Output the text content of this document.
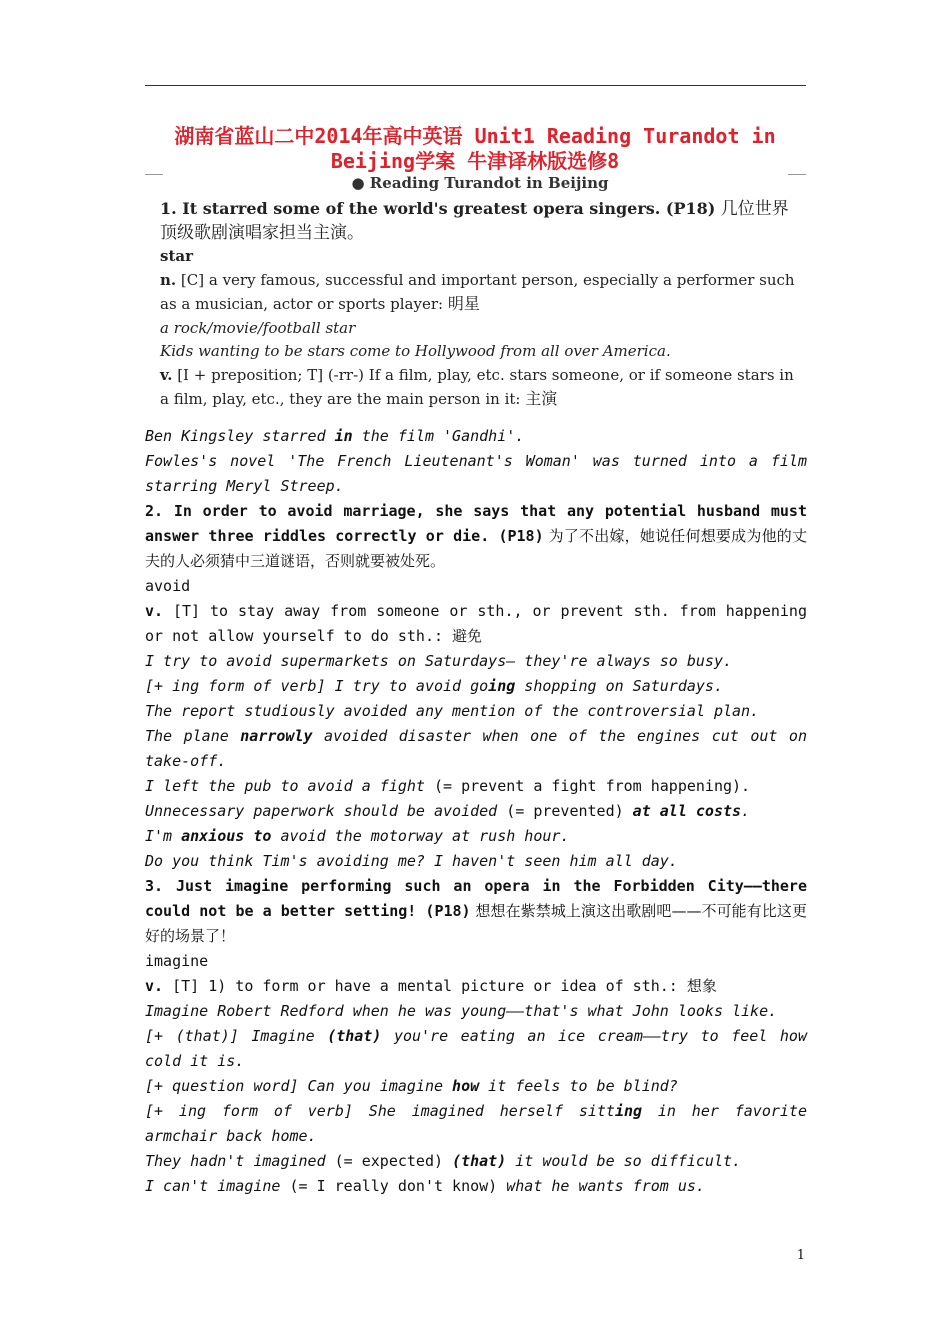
湖南省蓝山二中2014年高中英语 Unit1 Reading Turandot in Beijing学案 牛津译林版选修8
● Reading Turandot in Beijing

1. It starred some of the world's greatest opera singers. (P18) 几位世界顶级歌剧演唱家担当主演。

star

n. [C] a very famous, successful and important person, especially a performer such as a musician, actor or sports player: 明星

a rock/movie/football star

Kids wanting to be stars come to Hollywood from all over America.

v. [I + preposition; T] (-rr-) If a film, play, etc. stars someone, or if someone stars in a film, play, etc., they are the main person in it: 主演

Ben Kingsley starred in the film 'Gandhi'.

Fowles's novel 'The French Lieutenant's Woman' was turned into a film starring Meryl Streep.

2. In order to avoid marriage, she says that any potential husband must answer three riddles correctly or die. (P18) 为了不出嫁，她说任何想要成为他的丈夫的人必须猜中三道谜语，否则就要被处死。

avoid

v. [T] to stay away from someone or sth., or prevent sth. from happening or not allow yourself to do sth.: 避免

I try to avoid supermarkets on Saturdays— they're always so busy.

[+ ing form of verb] I try to avoid going shopping on Saturdays.

The report studiously avoided any mention of the controversial plan.

The plane narrowly avoided disaster when one of the engines cut out on take-off.

I left the pub to avoid a fight (= prevent a fight from happening).

Unnecessary paperwork should be avoided (= prevented) at all costs.

I'm anxious to avoid the motorway at rush hour.

Do you think Tim's avoiding me? I haven't seen him all day.

3. Just imagine performing such an opera in the Forbidden City——there could not be a better setting! (P18) 想想在紫禁城上演这出歌剧吧——不可能有比这更好的场景了！

imagine

v. [T] 1) to form or have a mental picture or idea of sth.: 想象

Imagine Robert Redford when he was young——that's what John looks like.

[+ (that)] Imagine (that) you're eating an ice cream——try to feel how cold it is.

[+ question word] Can you imagine how it feels to be blind?

[+ ing form of verb] She imagined herself sitting in her favorite armchair back home.

They hadn't imagined (= expected) (that) it would be so difficult.

I can't imagine (= I really don't know) what he wants from us.

1
